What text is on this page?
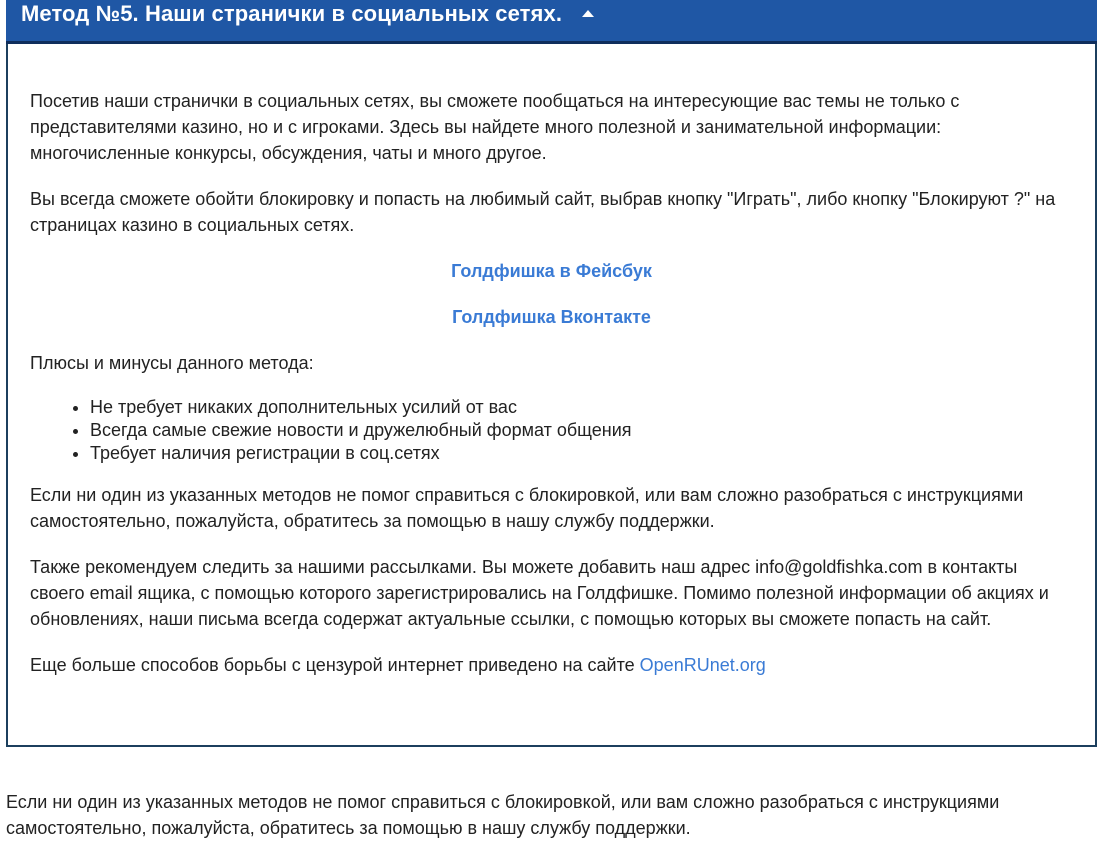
Метод №5. Наши странички в социальных сетях.

Посетив наши странички в социальных сетях, вы сможете пообщаться на интересующие вас темы не только с представителями казино, но и с игроками. Здесь вы найдете много полезной и занимательной информации: многочисленные конкурсы, обсуждения, чаты и много другое.

Вы всегда сможете обойти блокировку и попасть на любимый сайт, выбрав кнопку "Играть", либо кнопку "Блокируют ?" на страницах казино в социальных сетях.

Голдфишка в Фейсбук
Голдфишка Вконтакте

Плюсы и минусы данного метода:

• Не требует никаких дополнительных усилий от вас
• Всегда самые свежие новости и дружелюбный формат общения
• Требует наличия регистрации в соц.сетях

Если ни один из указанных методов не помог справиться с блокировкой, или вам сложно разобраться с инструкциями самостоятельно, пожалуйста, обратитесь за помощью в нашу службу поддержки.

Также рекомендуем следить за нашими рассылками. Вы можете добавить наш адрес info@goldfishka.com в контакты своего email ящика, с помощью которого зарегистрировались на Голдфишке. Помимо полезной информации об акциях и обновлениях, наши письма всегда содержат актуальные ссылки, с помощью которых вы сможете попасть на сайт.

Еще больше способов борьбы с цензурой интернет приведено на сайте OpenRUnet.org

Если ни один из указанных методов не помог справиться с блокировкой, или вам сложно разобраться с инструкциями самостоятельно, пожалуйста, обратитесь за помощью в нашу службу поддержки.
